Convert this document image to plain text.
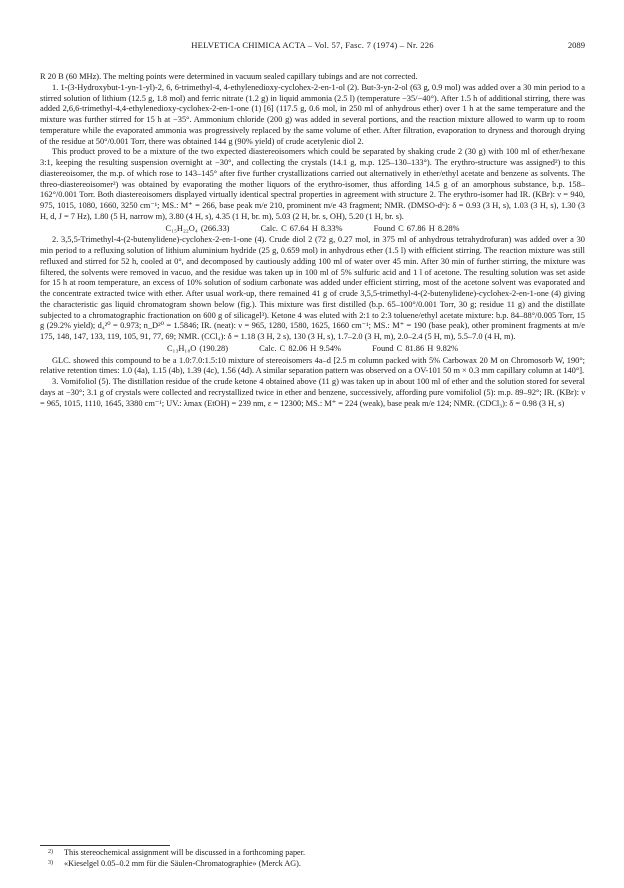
HELVETICA CHIMICA ACTA – Vol. 57, Fasc. 7 (1974) – Nr. 226	2089

R 20 B (60 MHz). The melting points were determined in vacuum sealed capillary tubings and are not corrected.

1. 1-(3-Hydroxybut-1-yn-1-yl)-2, 6, 6-trimethyl-4, 4-ethylenedioxy-cyclohex-2-en-1-ol (2). But-3-yn-2-ol (63 g, 0.9 mol) was added over a 30 min period to a stirred solution of lithium (12.5 g, 1.8 mol) and ferric nitrate (1.2 g) in liquid ammonia (2.5 l) (temperature −35/−40°). After 1.5 h of additional stirring, there was added 2,6,6-trimethyl-4,4-ethylenedioxy-cyclohex-2-en-1-one (1) [6] (117.5 g, 0.6 mol, in 250 ml of anhydrous ether) over 1 h at the same temperature and the mixture was further stirred for 15 h at −35°. Ammonium chloride (200 g) was added in several portions, and the reaction mixture allowed to warm up to room temperature while the evaporated ammonia was progressively replaced by the same volume of ether. After filtration, evaporation to dryness and thorough drying of the residue at 50°/0.001 Torr, there was obtained 144 g (90% yield) of crude acetylenic diol 2.

This product proved to be a mixture of the two expected diastereoisomers which could be separated by shaking crude 2 (30 g) with 100 ml of ether/hexane 3:1, keeping the resulting suspension overnight at −30°, and collecting the crystals (14.1 g, m.p. 125–130–133°). The erythro-structure was assigned²) to this diastereoisomer, the m.p. of which rose to 143–145° after five further crystallizations carried out alternatively in ether/ethyl acetate and benzene as solvents. The threo-diastereoisomer²) was obtained by evaporating the mother liquors of the erythro-isomer, thus affording 14.5 g of an amorphous substance, b.p. 158–162°/0.001 Torr. Both diastereoisomers displayed virtually identical spectral properties in agreement with structure 2. The erythro-isomer had IR. (KBr): ν = 940, 975, 1015, 1080, 1660, 3250 cm⁻¹; MS.: M⁺ = 266, base peak m/e 210, prominent m/e 43 fragment; NMR. (DMSO-d⁶): δ = 0.93 (3 H, s), 1.03 (3 H, s), 1.30 (3 H, d, J = 7 Hz), 1.80 (5 H, narrow m), 3.80 (4 H, s), 4.35 (1 H, br. m), 5.03 (2 H, br. s, OH), 5.20 (1 H, br. s).

C₁₅H₂₂O₄ (266.33)	Calc. C 67.64 H 8.33%	Found C 67.86 H 8.28%

2. 3,5,5-Trimethyl-4-(2-butenylidene)-cyclohex-2-en-1-one (4). Crude diol 2 (72 g, 0.27 mol, in 375 ml of anhydrous tetrahydrofuran) was added over a 30 min period to a refluxing solution of lithium aluminium hydride (25 g, 0.659 mol) in anhydrous ether (1.5 l) with efficient stirring. The reaction mixture was still refluxed and stirred for 52 h, cooled at 0°, and decomposed by cautiously adding 100 ml of water over 45 min. After 30 min of further stirring, the mixture was filtered, the solvents were removed in vacuo, and the residue was taken up in 100 ml of 5% sulfuric acid and 1 l of acetone. The resulting solution was set aside for 15 h at room temperature, an excess of 10% solution of sodium carbonate was added under efficient stirring, most of the acetone solvent was evaporated and the concentrate extracted twice with ether. After usual work-up, there remained 41 g of crude 3,5,5-trimethyl-4-(2-butenylidene)-cyclohex-2-en-1-one (4) giving the characteristic gas liquid chromatogram shown below (fig.). This mixture was first distilled (b.p. 65–100°/0.001 Torr, 30 g; residue 11 g) and the distillate subjected to a chromatographic fractionation on 600 g of silicagel³). Ketone 4 was eluted with 2:1 to 2:3 toluene/ethyl acetate mixture: b.p. 84–88°/0.005 Torr, 15 g (29.2% yield); d₄²⁰ = 0.973; n_D²⁰ = 1.5846; IR. (neat): ν = 965, 1280, 1580, 1625, 1660 cm⁻¹; MS.: M⁺ = 190 (base peak), other prominent fragments at m/e 175, 148, 147, 133, 119, 105, 91, 77, 69; NMR. (CCl₄): δ = 1.18 (3 H, 2 s), 130 (3 H, s), 1.7–2.0 (3 H, m), 2.0–2.4 (5 H, m), 5.5–7.0 (4 H, m).

C₁₃H₁₈O (190.28)	Calc. C 82.06 H 9.54%	Found C 81.86 H 9.82%

GLC. showed this compound to be a 1.0:7.0:1.5:10 mixture of stereoisomers 4a–d [2.5 m column packed with 5% Carbowax 20 M on Chromosorb W, 190°; relative retention times: 1.0 (4a), 1.15 (4b), 1.39 (4c), 1.56 (4d). A similar separation pattern was observed on a OV-101 50 m × 0.3 mm capillary column at 140°].

3. Vomifoliol (5). The distillation residue of the crude ketone 4 obtained above (11 g) was taken up in about 100 ml of ether and the solution stored for several days at −30°; 3.1 g of crystals were collected and recrystallized twice in ether and benzene, successively, affording pure vomifoliol (5): m.p. 89–92°; IR. (KBr): ν = 965, 1015, 1110, 1645, 3380 cm⁻¹; UV.: λmax (EtOH) = 239 nm, ε = 12300; MS.: M⁺ = 224 (weak), base peak m/e 124; NMR. (CDCl₃): δ = 0.98 (3 H, s)

2) This stereochemical assignment will be discussed in a forthcoming paper.
3) «Kieselgel 0.05–0.2 mm für die Säulen-Chromatographie» (Merck AG).
